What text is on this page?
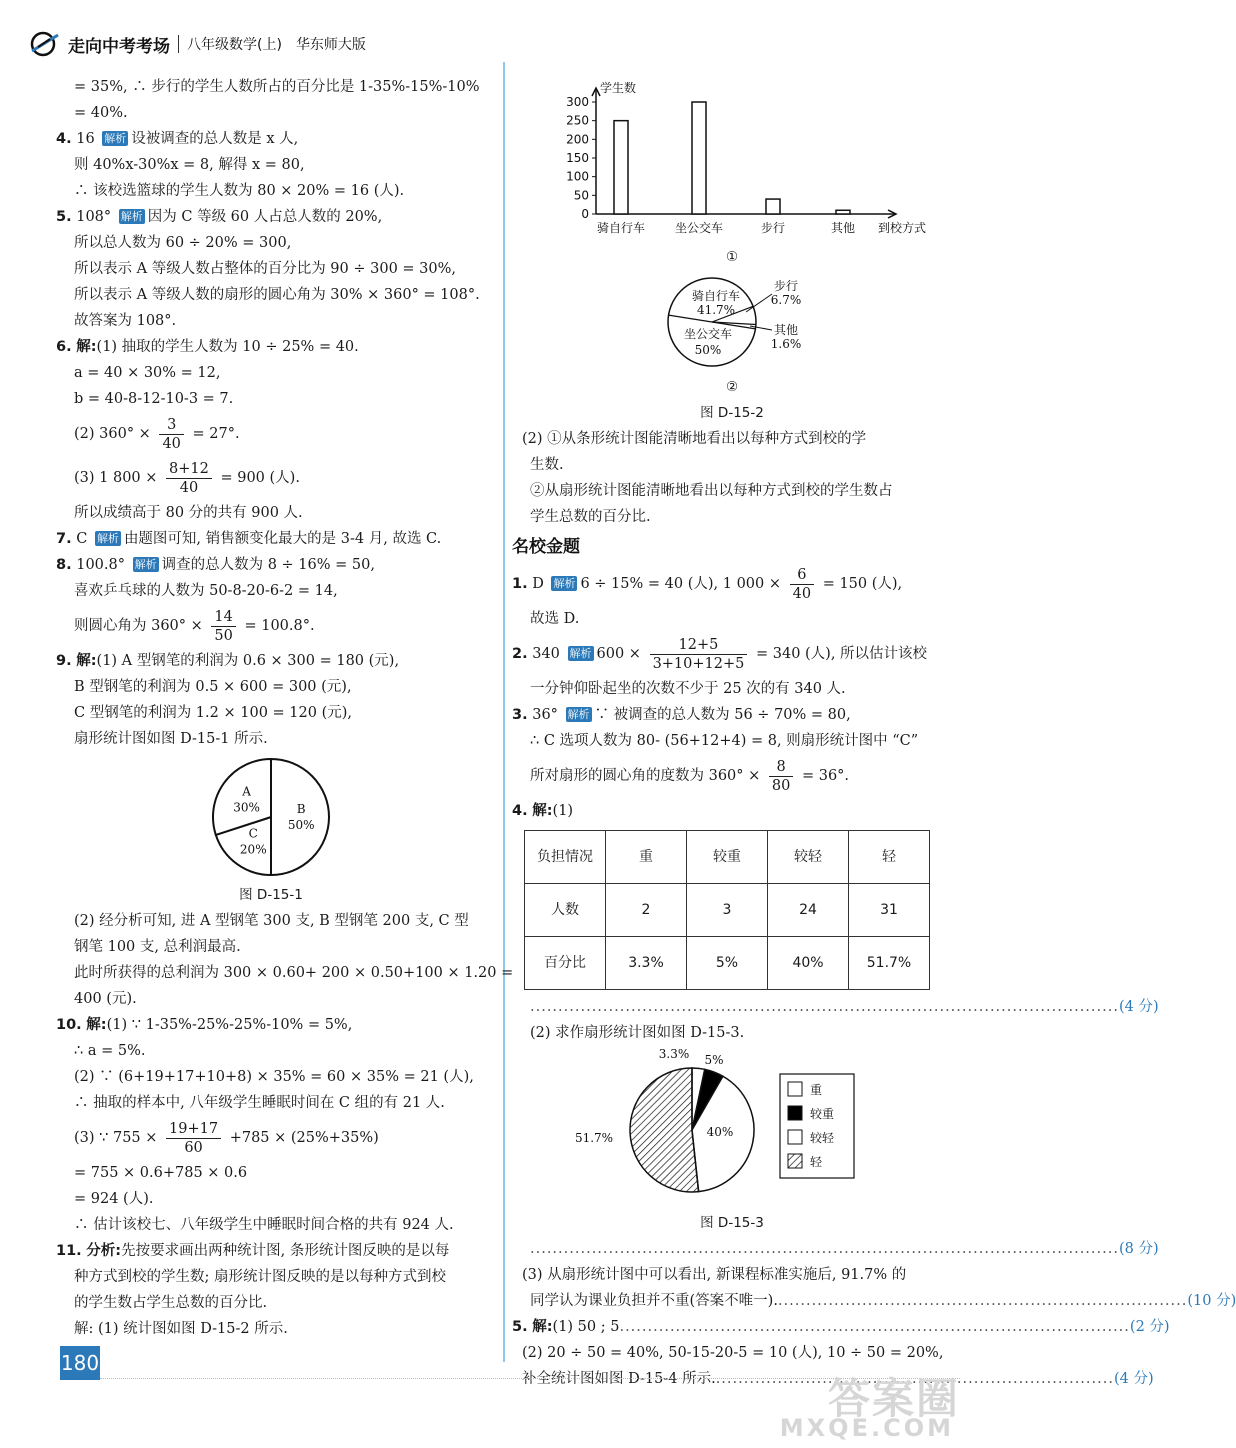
走向中考考场 八年级数学(上) 华东师大版
= 35%, ∴ 步行的学生人数所占的百分比是 1-35%-15%-10%
= 40%.
4. 16 解析 设被调查的总人数是 x 人,
则 40%x-30%x = 8, 解得 x = 80,
∴ 该校选篮球的学生人数为 80 × 20% = 16 (人).
5. 108° 解析 因为 C 等级 60 人占总人数的 20%,
所以总人数为 60 ÷ 20% = 300,
所以表示 A 等级人数占整体的百分比为 90 ÷ 300 = 30%,
所以表示 A 等级人数的扇形的圆心角为 30% × 360° = 108°.
故答案为 108°.
6. 解:(1) 抽取的学生人数为 10 ÷ 25% = 40.
a = 40 × 30% = 12,
b = 40-8-12-10-3 = 7.
(2) $360^\circ \times \frac{3}{40} = 27^\circ$.
(3) 1 $800 \times \frac{8+12}{40} = 900$ (人).
所以成绩高于 80 分的共有 900 人.
7. C 解析 由题图可知, 销售额变化最大的是 3-4 月, 故选 C.
8. 100.8° 解析 调查的总人数为 8 ÷ 16% = 50,
喜欢乒乓球的人数为 50-8-20-6-2 = 14,
则圆心角为 $360^\circ \times \frac{14}{50} = 100.8^\circ$.
9. 解:(1) A 型钢笔的利润为 0.6 × 300 = 180 (元),
B 型钢笔的利润为 0.5 × 600 = 300 (元),
C 型钢笔的利润为 1.2 × 100 = 120 (元),
扇形统计图如图 D-15-1 所示.
B
50%
C
20%
A
30%
图 D-15-1
(2) 经分析可知, 进 A 型钢笔 300 支, B 型钢笔 200 支, C 型
钢笔 100 支, 总利润最高.
此时所获得的总利润为 300 × 0.60+ 200 × 0.50+100 × 1.20 =
400 (元).
10. 解:(1) ∵ 1-35%-25%-25%-10% = 5%,
∴ a = 5%.
(2) ∵ (6+19+17+10+8) × 35% = 60 × 35% = 21 (人),
∴ 抽取的样本中, 八年级学生睡眠时间在 C 组的有 21 人.
(3) ∵ $755 \times \frac{19+17}{60} +785 \times (25\%+35\%)$
= 755 × 0.6+785 × 0.6
= 924 (人).
∴ 估计该校七、八年级学生中睡眠时间合格的共有 924 人.
11. 分析:先按要求画出两种统计图, 条形统计图反映的是以每
种方式到校的学生数; 扇形统计图反映的是以每种方式到校
的学生数占学生总数的百分比.
解: (1) 统计图如图 D-15-2 所示.
学生数
0
50
100
150
200
250
300
骑自行车 坐公交车	步行	其他 到校方式
①
骑自行车
41.7%
坐公交车
50%
步行
6.7%
其他
1.6%
②
图 D-15-2
(2) ①从条形统计图能清晰地看出以每种方式到校的学
生数.
②从扇形统计图能清晰地看出以每种方式到校的学生数占
学生总数的百分比.
名校金题
1. D 解析 6 ÷ 15% = 40 (人), 1 $000 \times \frac{6}{40} = 150$ (人),
故选 D.
2. 340 解析 $600 \times \frac{12+5}{3+10+12+5} = 340$ (人), 所以估计该校
一分钟仰卧起坐的次数不少于 25 次的有 340 人.
3. 36° 解析 ∵ 被调查的总人数为 56 ÷ 70% = 80,
∴ C 选项人数为 80- (56+12+4) = 8, 则扇形统计图中 “C”
所对扇形的圆心角的度数为 $360^\circ \times \frac{8}{80} = 36^\circ$.
4. 解:(1)
负担情况	重	较重	较轻	轻
人数	2	3	24	31
百分比	3.3%	5%	40%	51.7%
......................................................................................................... (4 分)
(2) 求作扇形统计图如图 D-15-3.
3.3% 5%
40%
51.7%
重
较重
较轻
轻
图 D-15-3
......................................................................................................... (8 分)
(3) 从扇形统计图中可以看出, 新课程标准实施后, 91.7% 的
同学认为课业负担并不重(答案不唯一). ......................................................................... (10 分)
5.
解: (1) 50 ; 5 ........................................................................................... (2 分)
(2) 20 ÷ 50 = 40%, 50-15-20-5 = 10 (人), 10 ÷ 50 = 20%,
补全统计图如图 D-15-4 所示. ....................................................................... (4 分)
180
答案圈
MXQE.COM
